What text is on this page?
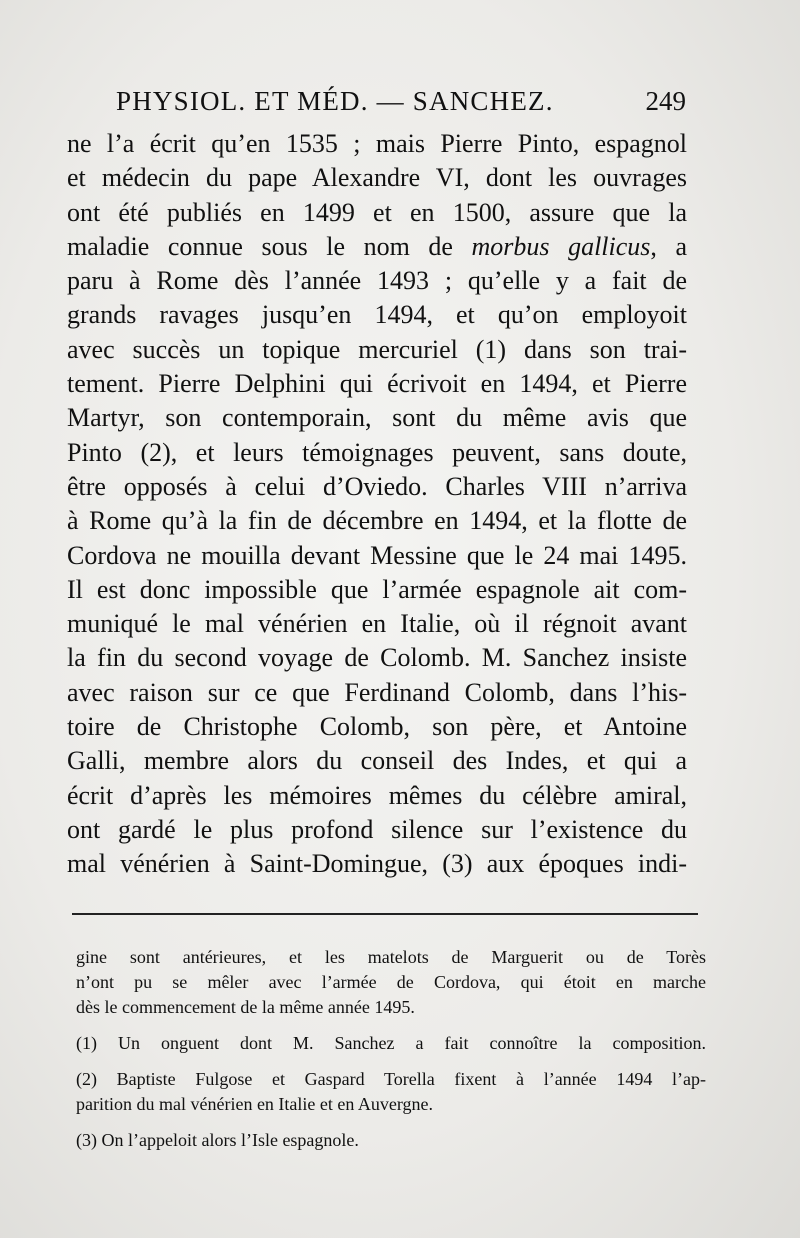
PHYSIOL. ET MÉD. — SANCHEZ.	249
ne l’a écrit qu’en 1535 ; mais Pierre Pinto, espagnol
et médecin du pape Alexandre VI, dont les ouvrages
ont été publiés en 1499 et en 1500, assure que la
maladie connue sous le nom de morbus gallicus, a
paru à Rome dès l’année 1493 ; qu’elle y a fait de
grands ravages jusqu’en 1494, et qu’on employoit
avec succès un topique mercuriel (1) dans son trai-
tement. Pierre Delphini qui écrivoit en 1494, et Pierre
Martyr, son contemporain, sont du même avis que
Pinto (2), et leurs témoignages peuvent, sans doute,
être opposés à celui d’Oviedo. Charles VIII n’arriva
à Rome qu’à la fin de décembre en 1494, et la flotte de
Cordova ne mouilla devant Messine que le 24 mai 1495.
Il est donc impossible que l’armée espagnole ait com-
muniqué le mal vénérien en Italie, où il régnoit avant
la fin du second voyage de Colomb. M. Sanchez insiste
avec raison sur ce que Ferdinand Colomb, dans l’his-
toire de Christophe Colomb, son père, et Antoine
Galli, membre alors du conseil des Indes, et qui a
écrit d’après les mémoires mêmes du célèbre amiral,
ont gardé le plus profond silence sur l’existence du
mal vénérien à Saint-Domingue, (3) aux époques indi-
gine sont antérieures, et les matelots de Marguerit ou de Torès
n’ont pu se mêler avec l’armée de Cordova, qui étoit en marche
dès le commencement de la même année 1495.
(1) Un onguent dont M. Sanchez a fait connoître la composition.
(2) Baptiste Fulgose et Gaspard Torella fixent à l’année 1494 l’ap-
parition du mal vénérien en Italie et en Auvergne.
(3) On l’appeloit alors l’Isle espagnole.
